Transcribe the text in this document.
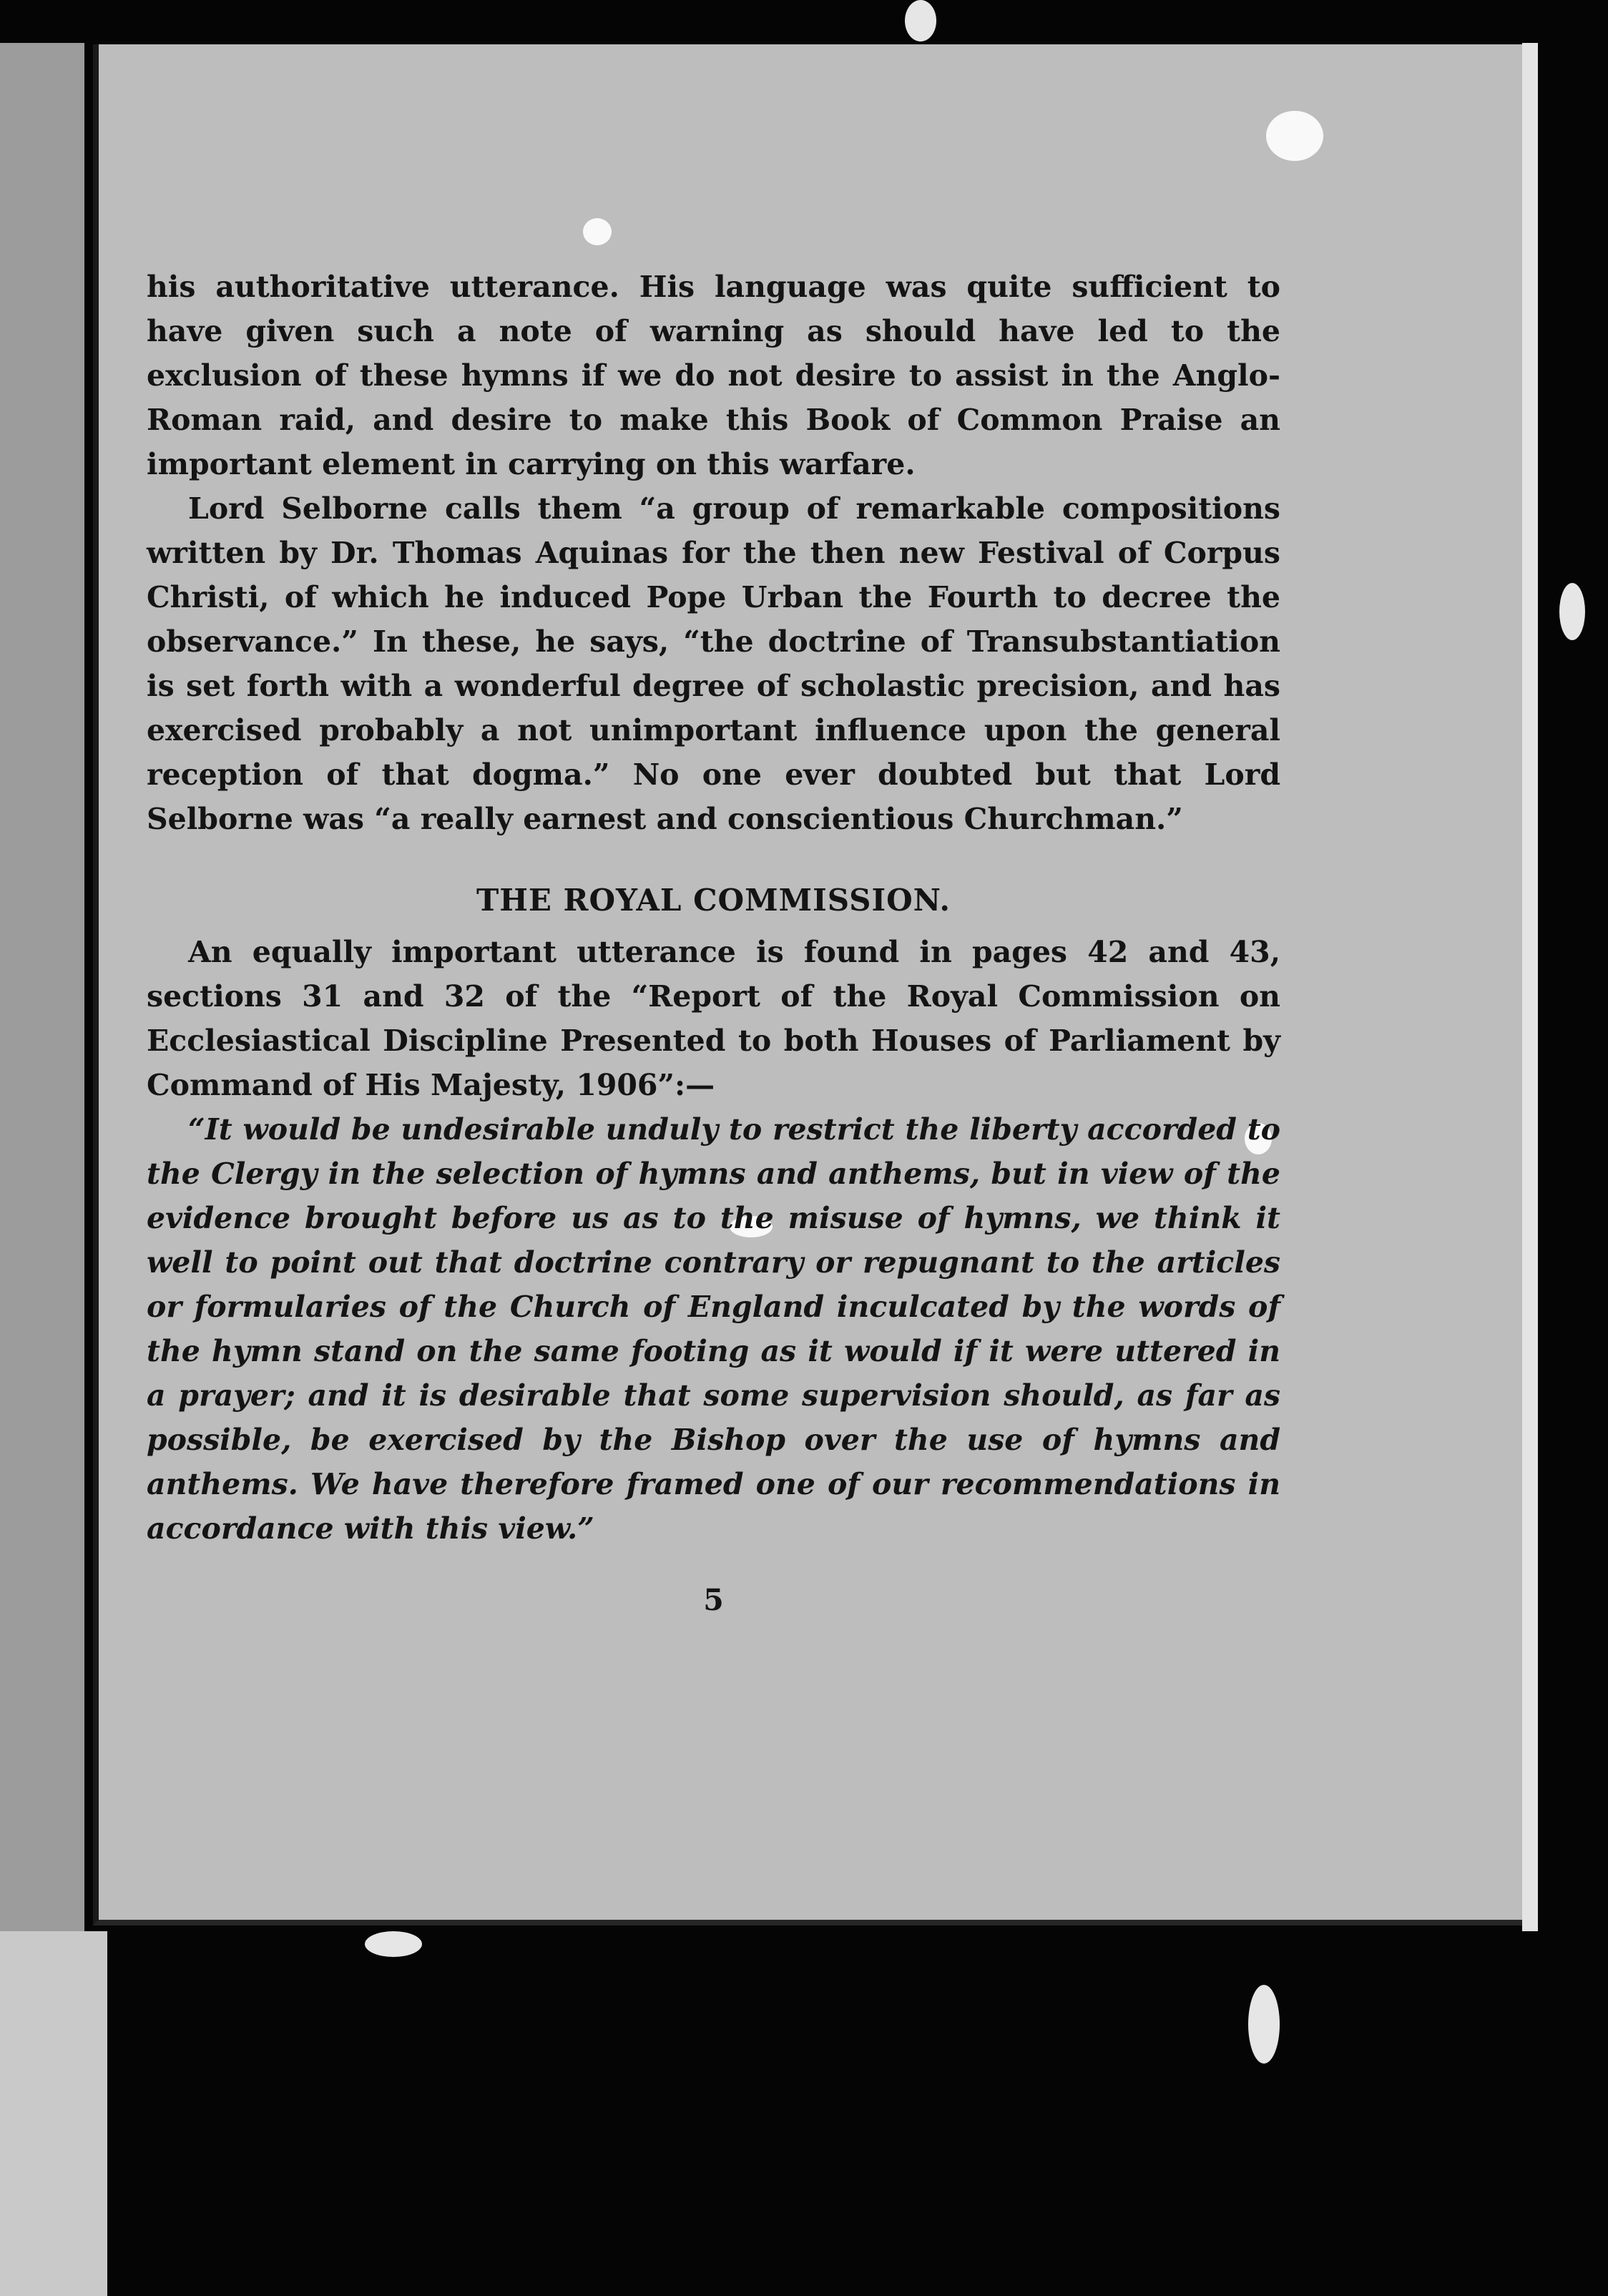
his authoritative utterance. His language was quite sufficient to have given such a note of warning as should have led to the exclusion of these hymns if we do not desire to assist in the Anglo-Roman raid, and desire to make this Book of Common Praise an important element in carrying on this warfare.

Lord Selborne calls them “a group of remarkable compositions written by Dr. Thomas Aquinas for the then new Festival of Corpus Christi, of which he induced Pope Urban the Fourth to decree the observance.” In these, he says, “the doctrine of Transubstantiation is set forth with a wonderful degree of scholastic precision, and has exercised probably a not unimportant influence upon the general reception of that dogma.” No one ever doubted but that Lord Selborne was “a really earnest and conscientious Churchman.”

THE ROYAL COMMISSION.

An equally important utterance is found in pages 42 and 43, sections 31 and 32 of the “Report of the Royal Commission on Ecclesiastical Discipline Presented to both Houses of Parliament by Command of His Majesty, 1906”:—

“It would be undesirable unduly to restrict the liberty accorded to the Clergy in the selection of hymns and anthems, but in view of the evidence brought before us as to the misuse of hymns, we think it well to point out that doctrine contrary or repugnant to the articles or formularies of the Church of England inculcated by the words of the hymn stand on the same footing as it would if it were uttered in a prayer; and it is desirable that some supervision should, as far as possible, be exercised by the Bishop over the use of hymns and anthems. We have therefore framed one of our recommendations in accordance with this view.”

5
